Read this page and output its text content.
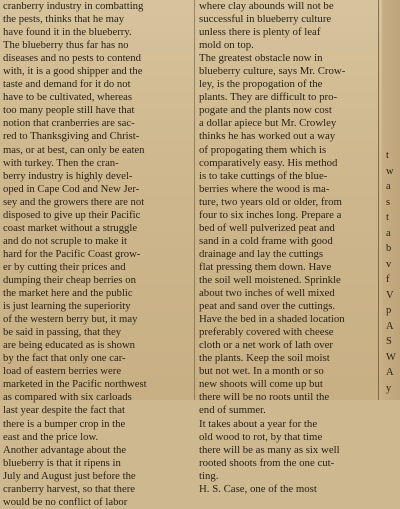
cranberry industry in combatting
the pests, thinks that he may
have found it in the blueberry.
The blueberry thus far has no
diseases and no pests to contend
with, it is a good shipper and the
taste and demand for it do not
have to be cultivated, whereas
too many people still have that
notion that cranberries are sac-
red to Thanksgiving and Christ-
mas, or at best, can only be eaten
with turkey. Then the cran-
berry industry is highly devel-
oped in Cape Cod and New Jer-
sey and the growers there are not
disposed to give up their Pacific
coast market without a struggle
and do not scruple to make it
hard for the Pacific Coast grow-
er by cutting their prices and
dumping their cheap berries on
the market here and the public
is just learning the superiority
of the western berry but, it may
be said in passing, that they
are being educated as is shown
by the fact that only one car-
load of eastern berries were
marketed in the Pacific northwest
as compared with six carloads
last year despite the fact that
there is a bumper crop in the
east and the price low.
Another advantage about the
blueberry is that it ripens in
July and August just before the
cranberry harvest, so that there
would be no conflict of labor
where clay abounds will not be
successful in blueberry culture
unless there is plenty of leaf
mold on top.
The greatest obstacle now in
blueberry culture, says Mr. Crow-
ley, is the propogation of the
plants. They are difficult to pro-
pogate and the plants now cost
a dollar apiece but Mr. Crowley
thinks he has worked out a way
of propogating them which is
comparatively easy. His method
is to take cuttings of the blue-
berries where the wood is ma-
ture, two years old or older, from
four to six inches long. Prepare a
bed of well pulverized peat and
sand in a cold frame with good
drainage and lay the cuttings
flat pressing them down. Have
the soil well moistened. Sprinkle
about two inches of well mixed
peat and sand over the cuttings.
Have the bed in a shaded location
preferably covered with cheese
cloth or a net work of lath over
the plants. Keep the soil moist
but not wet. In a month or so
new shoots will come up but
there will be no roots until the
end of summer.
It takes about a year for the
old wood to rot, by that time
there will be as many as six well
rooted shoots from the one cut-
ting.
H. S. Case, one of the most
t
w
a
s
t
a
b
v
f
V
p
A
S
W
A
y
